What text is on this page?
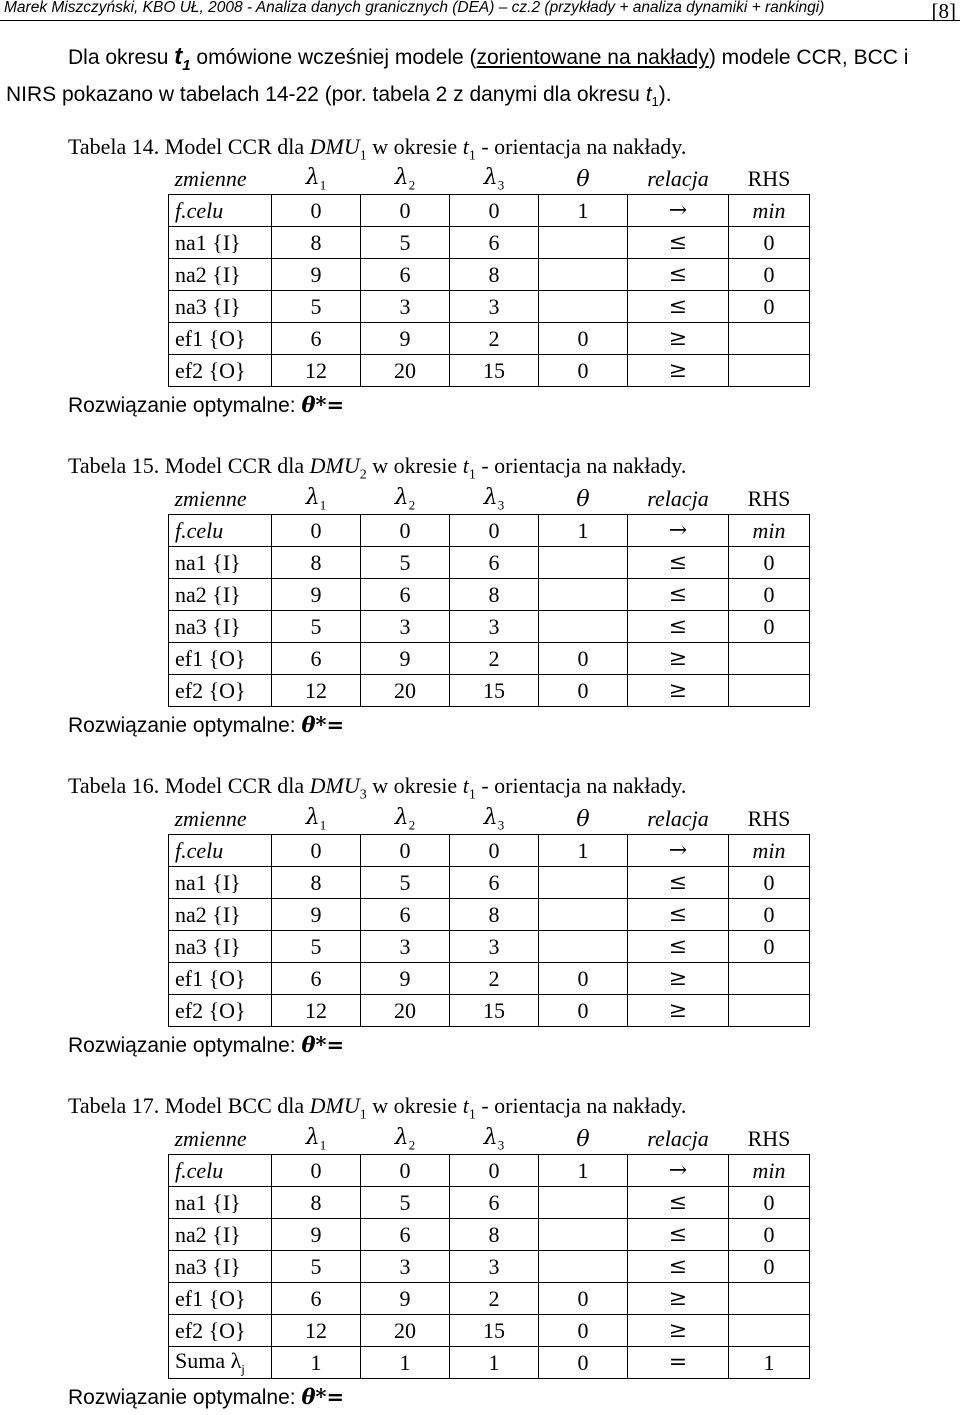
Marek Miszczyński, KBO UŁ, 2008 - Analiza danych granicznych (DEA) – cz.2 (przykłady + analiza dynamiki + rankingi)	[8]
Dla okresu $t_1$ omówione wcześniej modele (zorientowane na nakłady) modele CCR, BCC i NIRS pokazano w tabelach 14-22 (por. tabela 2 z danymi dla okresu $t_1$).
Tabela 14. Model CCR dla $DMU_1$ w okresie $t_1$ - orientacja na nakłady.
zmienne	$\lambda_1$	$\lambda_2$	$\lambda_3$	θ	relacja	RHS
f.celu	0	0	0	1	→	min
na1 {I}	8	5	6		≤	0
na2 {I}	9	6	8		≤	0
na3 {I}	5	3	3		≤	0
ef1 {O}	6	9	2	0	≥	
ef2 {O}	12	20	15	0	≥	
Rozwiązanie optymalne: θ*=
Tabela 15. Model CCR dla $DMU_2$ w okresie $t_1$ - orientacja na nakłady.
zmienne	$\lambda_1$	$\lambda_2$	$\lambda_3$	θ	relacja	RHS
f.celu	0	0	0	1	→	min
na1 {I}	8	5	6		≤	0
na2 {I}	9	6	8		≤	0
na3 {I}	5	3	3		≤	0
ef1 {O}	6	9	2	0	≥	
ef2 {O}	12	20	15	0	≥	
Rozwiązanie optymalne: θ*=
Tabela 16. Model CCR dla $DMU_3$ w okresie $t_1$ - orientacja na nakłady.
zmienne	$\lambda_1$	$\lambda_2$	$\lambda_3$	θ	relacja	RHS
f.celu	0	0	0	1	→	min
na1 {I}	8	5	6		≤	0
na2 {I}	9	6	8		≤	0
na3 {I}	5	3	3		≤	0
ef1 {O}	6	9	2	0	≥	
ef2 {O}	12	20	15	0	≥	
Rozwiązanie optymalne: θ*=
Tabela 17. Model BCC dla $DMU_1$ w okresie $t_1$ - orientacja na nakłady.
zmienne	$\lambda_1$	$\lambda_2$	$\lambda_3$	θ	relacja	RHS
f.celu	0	0	0	1	→	min
na1 {I}	8	5	6		≤	0
na2 {I}	9	6	8		≤	0
na3 {I}	5	3	3		≤	0
ef1 {O}	6	9	2	0	≥	
ef2 {O}	12	20	15	0	≥	
Suma $\lambda_j$	1	1	1	0	=	1
Rozwiązanie optymalne: θ*=
